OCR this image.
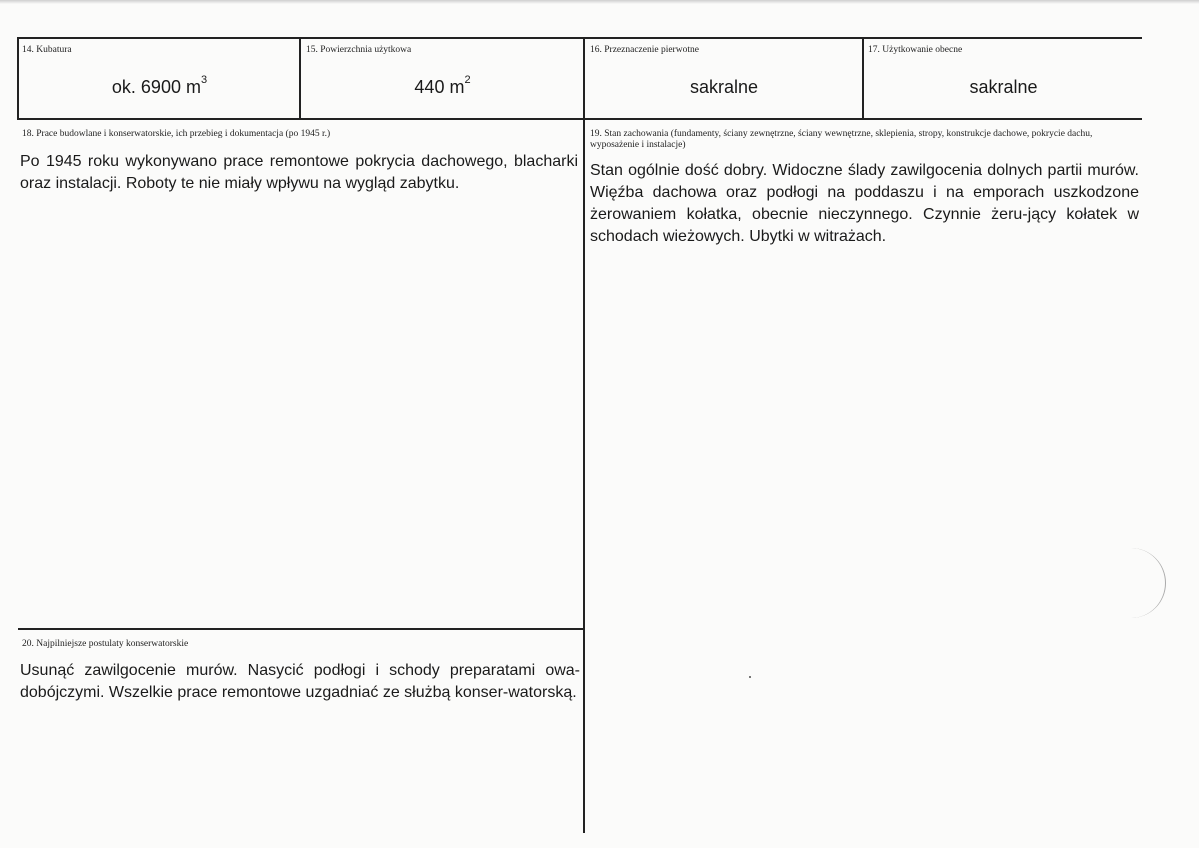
14. Kubatura
ok. 6900 $m^3$
15. Powierzchnia użytkowa
440 $m^2$
16. Przeznaczenie pierwotne
sakralne
17. Użytkowanie obecne
sakralne
18. Prace budowlane i konserwatorskie, ich przebieg i dokumentacja (po 1945 r.)
Po 1945 roku wykonywano prace remontowe pokrycia dachowego, blacharki oraz instalacji. Roboty te nie miały wpływu na wygląd zabytku.
19. Stan zachowania (fundamenty, ściany zewnętrzne, ściany wewnętrzne, sklepienia, stropy, konstrukcje dachowe, pokrycie dachu, wyposażenie i instalacje)
Stan ogólnie dość dobry. Widoczne ślady zawilgocenia dolnych partii murów. Więźba dachowa oraz podłogi na poddaszu i na emporach uszkodzone żerowaniem kołatka, obecnie nieczynnego. Czynnie żeru-jący kołatek w schodach wieżowych. Ubytki w witrażach.
20. Najpilniejsze postulaty konserwatorskie
Usunąć zawilgocenie murów. Nasycić podłogi i schody preparatami owa-dobójczymi. Wszelkie prace remontowe uzgadniać ze służbą konser-watorską.
